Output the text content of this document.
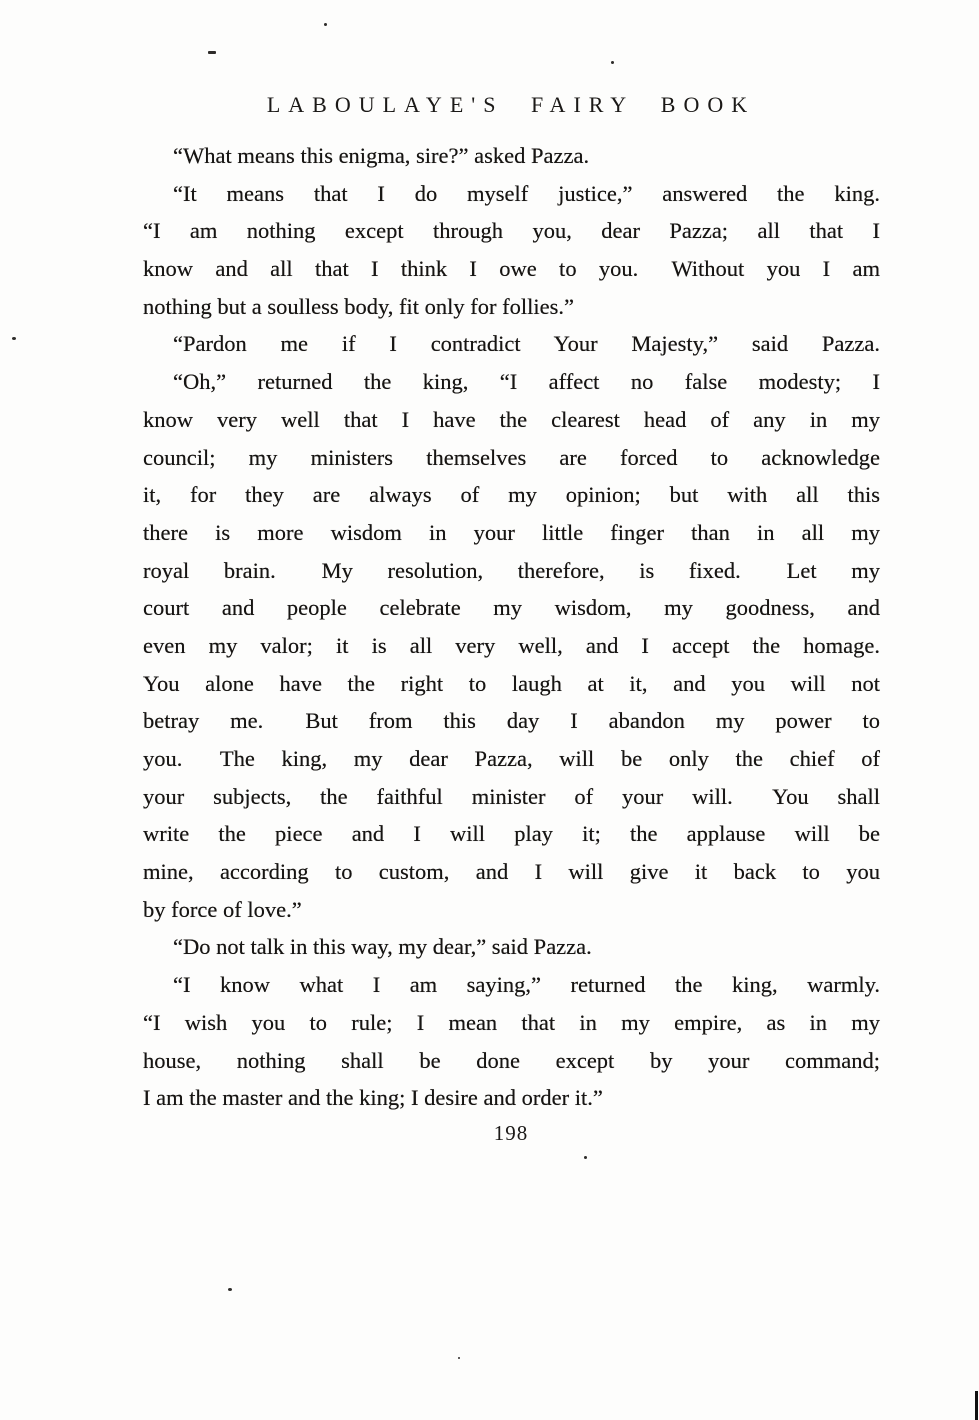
LABOULAYE'S FAIRY BOOK
“What means this enigma, sire?” asked Pazza.
“It means that I do myself justice,” answered the king.
“I am nothing except through you, dear Pazza; all that I
know and all that I think I owe to you.  Without you I am
nothing but a soulless body, fit only for follies.”
“Pardon me if I contradict Your Majesty,” said Pazza.
“Oh,” returned the king, “I affect no false modesty; I
know very well that I have the clearest head of any in my
council; my ministers themselves are forced to acknowledge
it, for they are always of my opinion; but with all this
there is more wisdom in your little finger than in all my
royal brain.  My resolution, therefore, is fixed.  Let my
court and people celebrate my wisdom, my goodness, and
even my valor; it is all very well, and I accept the homage.
You alone have the right to laugh at it, and you will not
betray me.  But from this day I abandon my power to
you.  The king, my dear Pazza, will be only the chief of
your subjects, the faithful minister of your will.  You shall
write the piece and I will play it; the applause will be
mine, according to custom, and I will give it back to you
by force of love.”
“Do not talk in this way, my dear,” said Pazza.
“I know what I am saying,” returned the king, warmly.
“I wish you to rule; I mean that in my empire, as in my
house, nothing shall be done except by your command;
I am the master and the king; I desire and order it.”
198
